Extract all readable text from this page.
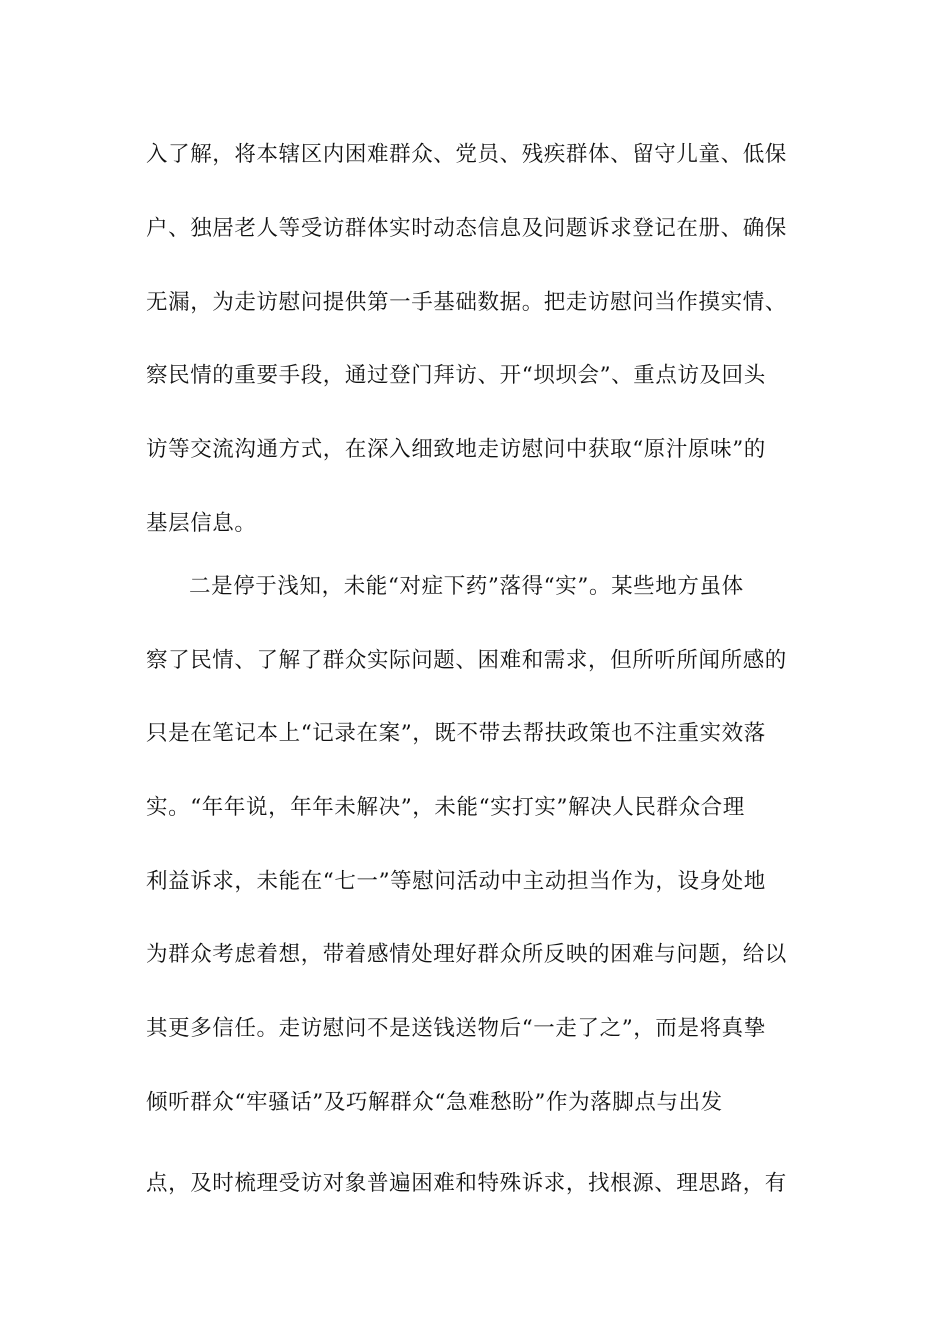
入了解，将本辖区内困难群众、党员、残疾群体、留守儿童、低保
户、独居老人等受访群体实时动态信息及问题诉求登记在册、确保
无漏，为走访慰问提供第一手基础数据。把走访慰问当作摸实情、
察民情的重要手段，通过登门拜访、开“坝坝会”、重点访及回头
访等交流沟通方式，在深入细致地走访慰问中获取“原汁原味”的
基层信息。
二是停于浅知，未能“对症下药”落得“实”。某些地方虽体
察了民情、了解了群众实际问题、困难和需求，但所听所闻所感的
只是在笔记本上“记录在案”，既不带去帮扶政策也不注重实效落
实。“年年说，年年未解决”，未能“实打实”解决人民群众合理
利益诉求，未能在“七一”等慰问活动中主动担当作为，设身处地
为群众考虑着想，带着感情处理好群众所反映的困难与问题，给以
其更多信任。走访慰问不是送钱送物后“一走了之”，而是将真挚
倾听群众“牢骚话”及巧解群众“急难愁盼”作为落脚点与出发
点，及时梳理受访对象普遍困难和特殊诉求，找根源、理思路，有
